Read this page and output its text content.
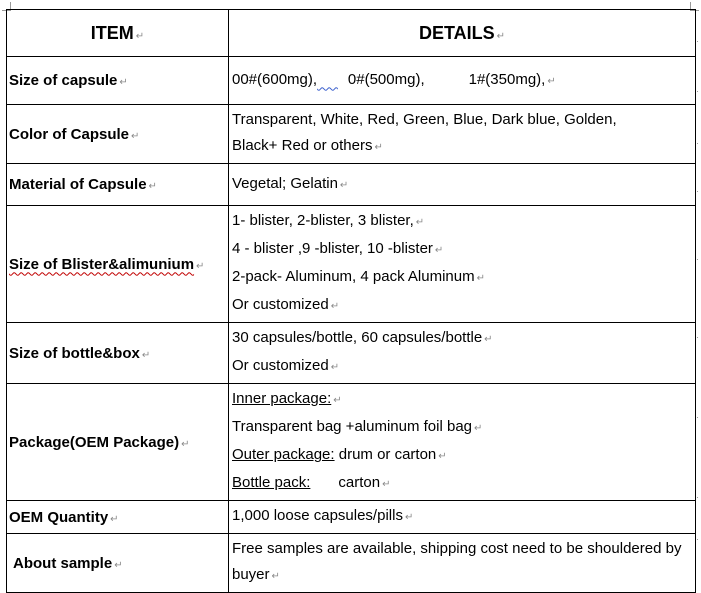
·
·
·
·
·
·
·
·
·
ITEM ↵	DETAILS ↵
Size of capsule ↵	00#(600mg), 0#(500mg), 1#(350mg), ↵

Color of Capsule ↵	Transparent, White, Red, Green, Blue, Dark blue, Golden,
Black+ Red or others ↵

Material of Capsule ↵	Vegetal; Gelatin ↵

Size of Blister&alimunium ↵	1- blister, 2-blister, 3 blister, ↵
4 - blister ,9 -blister, 10 -blister ↵
2-pack- Aluminum, 4 pack Aluminum ↵
Or customized ↵

Size of bottle&box ↵	30 capsules/bottle, 60 capsules/bottle ↵
Or customized ↵

Package(OEM Package) ↵	Inner package: ↵
Transparent bag +aluminum foil bag ↵
Outer package: drum or carton ↵
Bottle pack: carton ↵

OEM Quantity ↵	1,000 loose capsules/pills ↵

About sample ↵	Free samples are available, shipping cost need to be shouldered by buyer ↵
